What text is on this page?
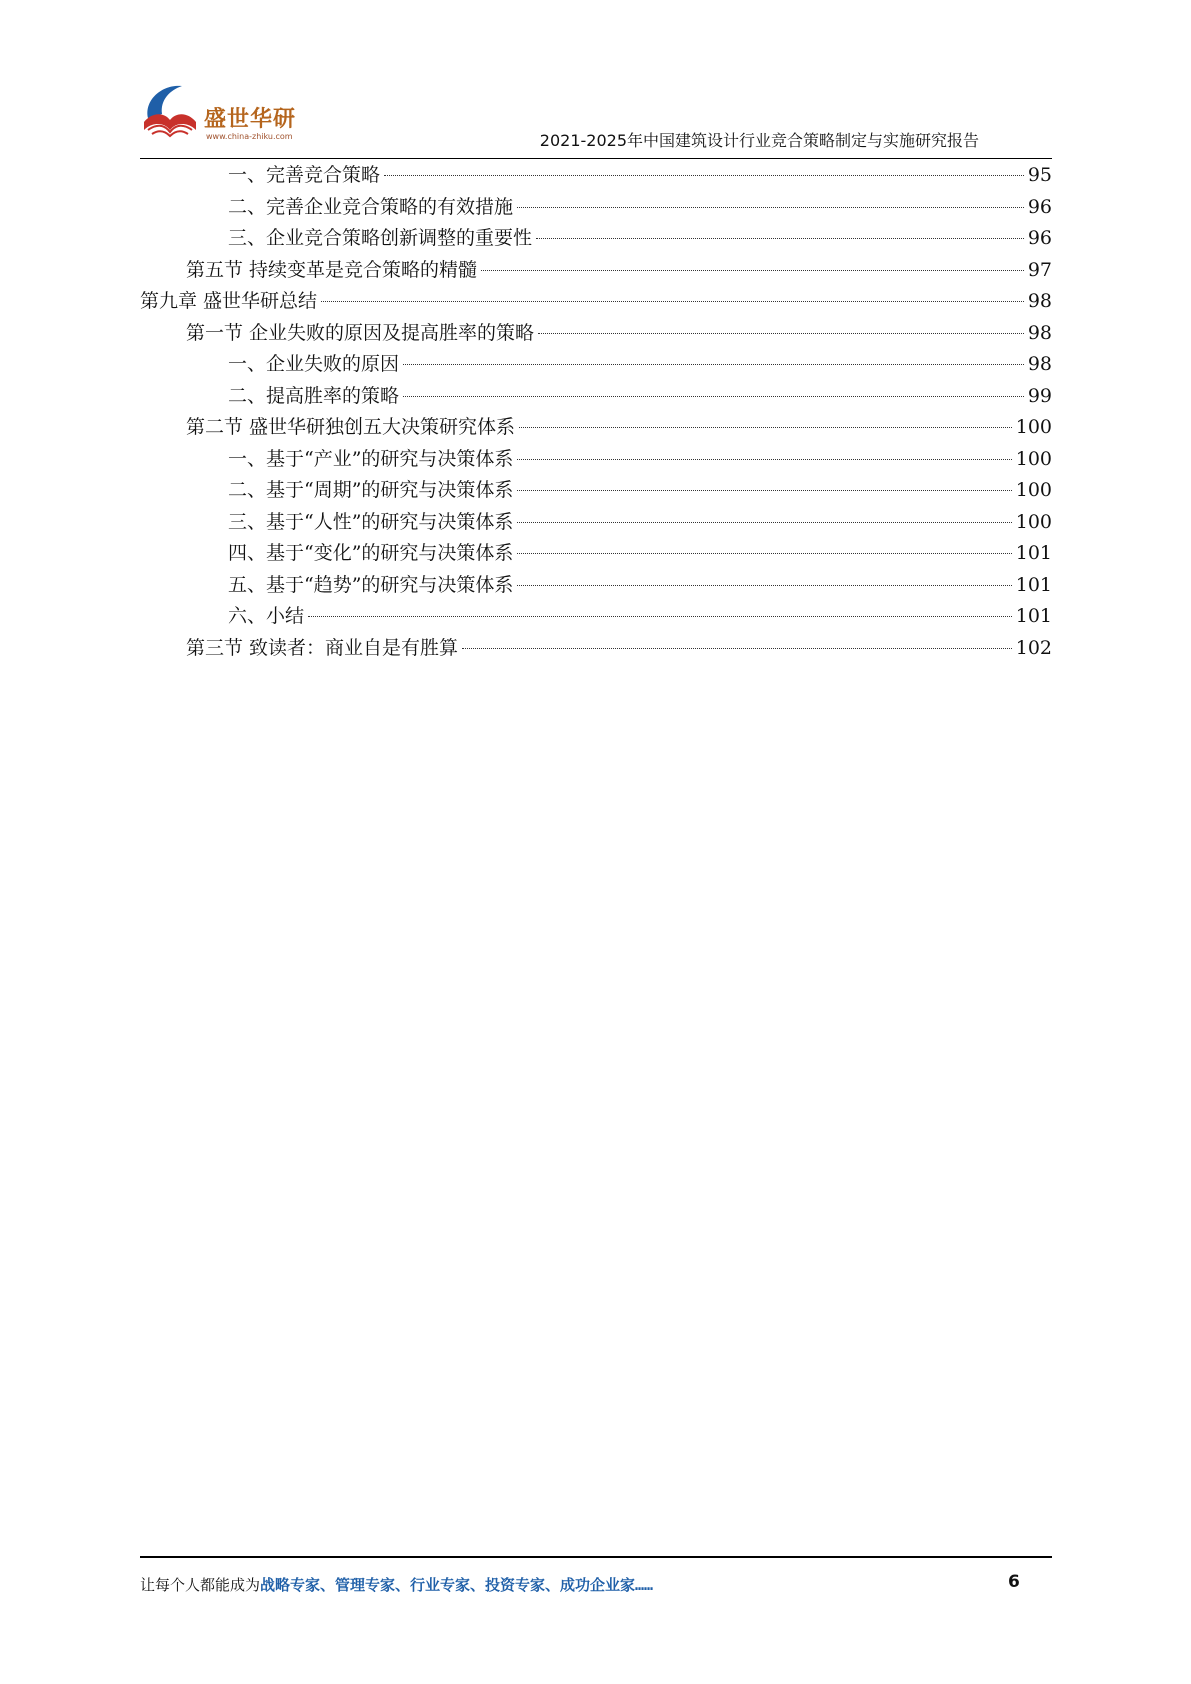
盛世华研
www.china-zhiku.com	2021-2025年中国建筑设计行业竞合策略制定与实施研究报告
一、完善竞合策略	95
二、完善企业竞合策略的有效措施	96
三、企业竞合策略创新调整的重要性	96
第五节 持续变革是竞合策略的精髓	97
第九章 盛世华研总结	98
第一节 企业失败的原因及提高胜率的策略	98
一、企业失败的原因	98
二、提高胜率的策略	99
第二节 盛世华研独创五大决策研究体系	100
一、基于“产业”的研究与决策体系	100
二、基于“周期”的研究与决策体系	100
三、基于“人性”的研究与决策体系	100
四、基于“变化”的研究与决策体系	101
五、基于“趋势”的研究与决策体系	101
六、小结	101
第三节 致读者：商业自是有胜算	102
让每个人都能成为战略专家、管理专家、行业专家、投资专家、成功企业家……	6
